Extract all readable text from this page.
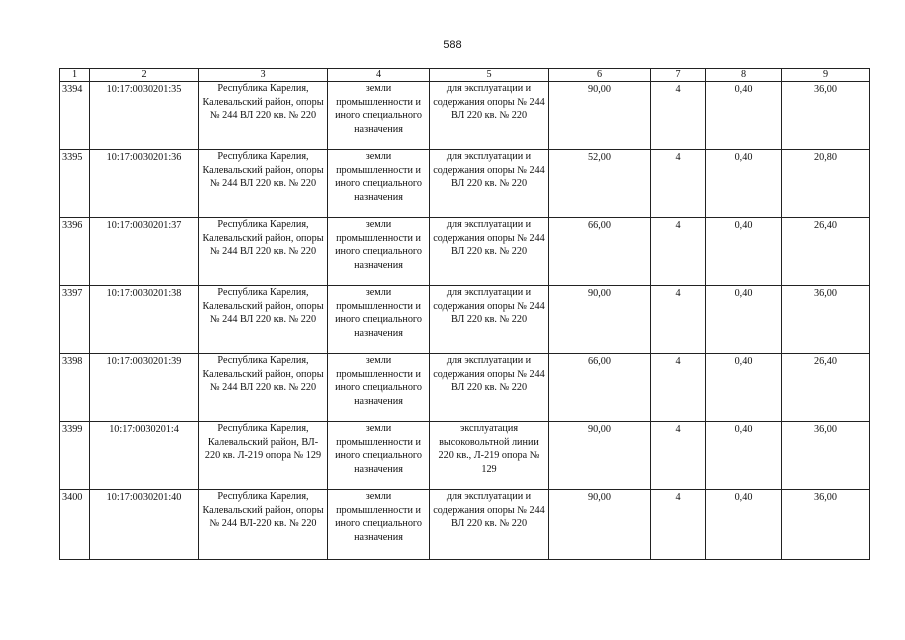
588
1	2	3	4	5	6	7	8	9
3394	10:17:0030201:35	Республика Карелия, Калевальский район, опоры № 244 ВЛ 220 кв. № 220	земли промышленности и иного специального назначения	для эксплуатации и содержания опоры № 244 ВЛ 220 кв. № 220	90,00	4	0,40	36,00
3395	10:17:0030201:36	Республика Карелия, Калевальский район, опоры № 244 ВЛ 220 кв. № 220	земли промышленности и иного специального назначения	для эксплуатации и содержания опоры № 244 ВЛ 220 кв. № 220	52,00	4	0,40	20,80
3396	10:17:0030201:37	Республика Карелия, Калевальский район, опоры № 244 ВЛ 220 кв. № 220	земли промышленности и иного специального назначения	для эксплуатации и содержания опоры № 244 ВЛ 220 кв. № 220	66,00	4	0,40	26,40
3397	10:17:0030201:38	Республика Карелия, Калевальский район, опоры № 244 ВЛ 220 кв. № 220	земли промышленности и иного специального назначения	для эксплуатации и содержания опоры № 244 ВЛ 220 кв. № 220	90,00	4	0,40	36,00
3398	10:17:0030201:39	Республика Карелия, Калевальский район, опоры № 244 ВЛ 220 кв. № 220	земли промышленности и иного специального назначения	для эксплуатации и содержания опоры № 244 ВЛ 220 кв. № 220	66,00	4	0,40	26,40
3399	10:17:0030201:4	Республика Карелия, Калевальский район, ВЛ- 220 кв. Л-219 опора № 129	земли промышленности и иного специального назначения	эксплуатация высоковольтной линии 220 кв., Л-219 опора № 129	90,00	4	0,40	36,00
3400	10:17:0030201:40	Республика Карелия, Калевальский район, опоры № 244 ВЛ-220 кв. № 220	земли промышленности и иного специального назначения	для эксплуатации и содержания опоры № 244 ВЛ 220 кв. № 220	90,00	4	0,40	36,00
